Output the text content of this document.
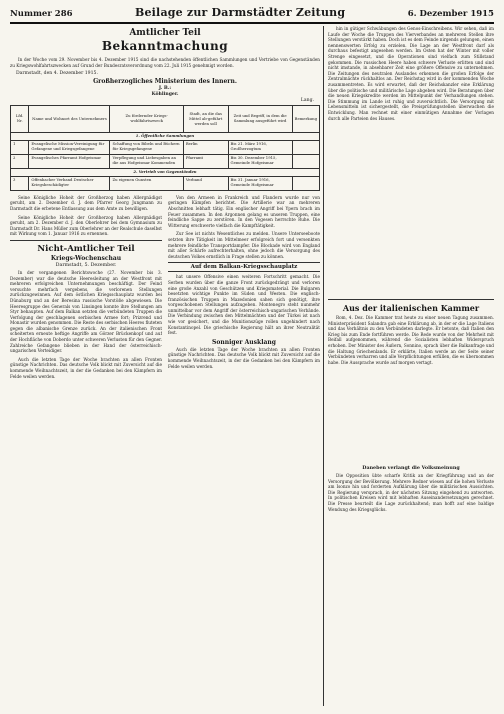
Nummer 286	Beilage zur Darmstädter Zeitung	6. Dezember 1915
Amtlicher Teil
Bekanntmachung

In der Woche vom 29. November bis 4. Dezember 1915 sind die nachstehenden öffentlichen Sammlungen und Vertriebe von Gegenständen zu Kriegswohlfahrtszwecken auf Grund der Bundesratsverordnung vom 22. Juli 1915 genehmigt worden.

Darmstadt, den 4. Dezember 1915.
Großherzogliches Ministerium des Innern.
J. B.:
Köhlinger.
Lang.
Lfd. Nr.	Name und Wohnort des Unternehmers	Zu fördernder Kriegs-wohlfahrtszweck	Stadt, an die das Mittel ab-geführt werden soll	Zeit und Begriff, in dem die Sammlung ausgeführt wird	Bemerkung
1. Öffentliche Sammlungen					
1	Evangelische Mission-Vereinigung für Gefangene und Kriegsgefangene	Schaffung von Bibeln und Büchern für Kriegsgefangene	Berlin	Bis 21. März 1916, Großherzogtum	
2	Evangelisches Pfarramt Hofgeismar	Verpflegung und Liebesgaben an die aus Hofgeismar Kommenden	Pfarramt	Bis 30. Dezember 1915, Gemeinde Hofgeismar	
2. Vertrieb von Gegenständen					
3	Offenbacher Verband Deutscher Kriegsbeschädigter	Zu eigenen Gunsten	Verband	Bis 31. Januar 1916, Gemeinde Hofgeismar	

Seine Königliche Hoheit der Großherzog haben Allergnädigst geruht, am 2. Dezember d. J. dem Pfarrer Georg Jungmann zu Darmstadt die erbetene Entlassung aus dem Amte zu bewilligen.

Seine Königliche Hoheit der Großherzog haben Allergnädigst geruht, am 2. Dezember d. J. den Oberlehrer bei dem Gymnasium zu Darmstadt Dr. Hans Müller zum Oberlehrer an der Realschule daselbst mit Wirkung vom 1. Januar 1916 zu ernennen.

Nicht-Amtlicher Teil
Kriegs-Wochenschau
Darmstadt, 5. Dezember.

In der vergangenen Berichtswoche (27. November bis 3. Dezember) war die deutsche Heeresleitung an der Westfront mit mehreren erfolgreichen Unternehmungen beschäftigt. Der Feind versuchte mehrfach vergebens, die verlorenen Stellungen zurückzugewinnen. Auf dem östlichen Kriegsschauplatz wurden bei Dünaburg und an der Beresina russische Vorstöße abgewiesen. Die Heeresgruppe des Generals von Linsingen konnte ihre Stellungen am Styr behaupten. Auf dem Balkan setzten die verbündeten Truppen die Verfolgung der geschlagenen serbischen Armee fort; Prizrend und Monastir wurden genommen. Die Reste des serbischen Heeres fluteten gegen die albanische Grenze zurück. An der italienischen Front scheiterten erneute heftige Angriffe am Görzer Brückenkopf und auf der Hochfläche von Doberdo unter schweren Verlusten für den Gegner. Zahlreiche Gefangene blieben in der Hand der österreichisch-ungarischen Verteidiger.

Auch die letzten Tage der Woche brachten an allen Fronten günstige Nachrichten. Das deutsche Volk blickt mit Zuversicht auf die kommende Weihnachtszeit, in der die Gedanken bei den Kämpfern im Felde weilen werden.

Von den Armeen in Frankreich und Flandern wurde nur von geringen Kämpfen berichtet. Die Artillerie war an mehreren Abschnitten lebhaft tätig. Ein englischer Angriff bei Ypern brach im Feuer zusammen. In den Argonnen gelang es unseren Truppen, eine feindliche Sappe zu zerstören. In den Vogesen herrschte Ruhe. Die Witterung erschwerte vielfach die Kampftätigkeit.

Zur See ist nichts Wesentliches zu melden. Unsere Unterseeboote setzten ihre Tätigkeit im Mittelmeer erfolgreich fort und versenkten mehrere feindliche Transportdampfer. Die Blockade wird von England mit aller Schärfe aufrechterhalten, ohne jedoch die Versorgung des deutschen Volkes ernstlich in Frage stellen zu können.

Auf dem Balkan-Kriegsschauplatz

hat unsere Offensive einen weiteren Fortschritt gemacht. Die Serben wurden über die ganze Front zurückgedrängt und verloren eine große Anzahl von Geschützen und Kriegsmaterial. Die Bulgaren besetzten wichtige Punkte im Süden und Westen. Die englisch-französischen Truppen in Mazedonien sahen sich genötigt, ihre vorgeschobenen Stellungen aufzugeben. Montenegro steht nunmehr unmittelbar vor dem Angriff der österreichisch-ungarischen Verbände. Die Verbindung zwischen den Mittelmächten und der Türkei ist nach wie vor gesichert, und die Munitionszüge rollen ungehindert nach Konstantinopel. Die griechische Regierung hält an ihrer Neutralität fest.

Sonniger Ausklang

Auch die letzten Tage der Woche brachten an allen Fronten günstige Nachrichten. Das deutsche Volk blickt mit Zuversicht auf die kommende Weihnachtszeit, in der die Gedanken bei den Kämpfern im Felde weilen werden.

hin in gütiger Schwäbungen des Genos-Einschreibens. Wir sehen, daß im Laufe der Woche die Truppen des Vierverbandes an mehreren Stellen ihre Stellungen verstärkt haben. Doch ist es dem Feinde nirgends gelungen, einen nennenswerten Erfolg zu erzielen. Die Lage an der Westfront darf als durchaus befestigt angesehen werden. Im Osten hat der Winter mit voller Strenge eingesetzt, und die Operationen sind vielfach zum Stillstand gekommen. Die russischen Heere haben schwere Verluste erlitten und sind nicht imstande, in absehbarer Zeit eine größere Offensive zu unternehmen. Die Zeitungen des neutralen Auslandes erkennen die großen Erfolge der Zentralmächte rückhaltlos an. Der Reichstag wird in der kommenden Woche zusammentreten. Es wird erwartet, daß der Reichskanzler eine Erklärung über die politische und militärische Lage abgeben wird. Die Beratungen über die neuen Kriegskredite werden im Mittelpunkt der Verhandlungen stehen. Die Stimmung im Lande ist ruhig und zuversichtlich. Die Versorgung mit Lebensmitteln ist sichergestellt, die Preisprüfungsstellen überwachen die Entwicklung. Man rechnet mit einer einmütigen Annahme der Vorlagen durch alle Parteien des Hauses.

Aus der italienischen Kammer

Rom, 4. Dez. Die Kammer trat heute zu einer neuen Tagung zusammen. Ministerpräsident Salandra gab eine Erklärung ab, in der er die Lage Italiens und das Verhältnis zu den Verbündeten darlegte. Er betonte, daß Italien den Krieg bis zum Ende fortführen werde. Die Rede wurde von der Mehrheit mit Beifall aufgenommen, während die Sozialisten lebhaften Widerspruch erhoben. Der Minister des Äußern, Sonnino, sprach über die Balkanfrage und die Haltung Griechenlands. Er erklärte, Italien werde an der Seite seiner Verbündeten verharren und alle Verpflichtungen erfüllen, die es übernommen habe. Die Aussprache wurde auf morgen vertagt.

Daneben verlangt die Volksmeinung

Die Opposition übte scharfe Kritik an der Kriegführung und an der Versorgung der Bevölkerung. Mehrere Redner wiesen auf die hohen Verluste am Isonzo hin und forderten Aufklärung über die militärischen Aussichten. Die Regierung versprach, in der nächsten Sitzung eingehend zu antworten. In politischen Kreisen wird mit lebhaften Auseinandersetzungen gerechnet. Die Presse beurteilt die Lage zurückhaltend; man hofft auf eine baldige Wendung des Kriegsglücks.
